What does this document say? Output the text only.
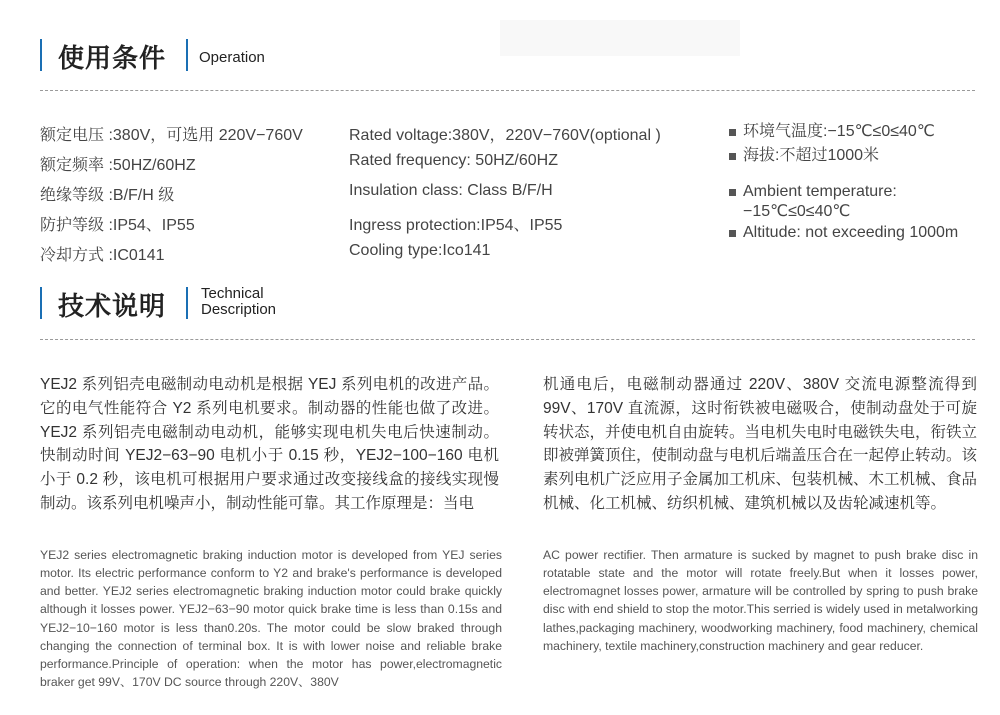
使用条件 Operation
额定电压 :380V，可选用 220V−760V
额定频率 :50HZ/60HZ
绝缘等级 :B/F/H 级
防护等级 :IP54、IP55
冷却方式 :IC0141
Rated voltage:380V，220V−760V(optional )
Rated frequency: 50HZ/60HZ
Insulation class: Class B/F/H
Ingress protection:IP54、IP55
Cooling type:Ico141
环境气温度:−15℃≤0≤40℃
海拔:不超过1000米
Ambient temperature:
−15℃≤0≤40℃
Altitude: not exceeding 1000m
技术说明 Technical
Description
YEJ2 系列铝壳电磁制动电动机是根据 YEJ 系列电机的改进产品。它的电气性能符合 Y2 系列电机要求。制动器的性能也做了改进。YEJ2 系列铝壳电磁制动电动机，能够实现电机失电后快速制动。快制动时间 YEJ2−63−90 电机小于 0.15 秒，YEJ2−100−160 电机小于 0.2 秒，该电机可根据用户要求通过改变接线盒的接线实现慢制动。该系列电机噪声小，制动性能可靠。其工作原理是：当电
机通电后，电磁制动器通过 220V、380V 交流电源整流得到 99V、170V 直流源，这时衔铁被电磁吸合，使制动盘处于可旋转状态，并使电机自由旋转。当电机失电时电磁铁失电，衔铁立即被弹簧顶住，使制动盘与电机后端盖压合在一起停止转动。该素列电机广泛应用子金属加工机床、包装机械、木工机械、食品机械、化工机械、纺织机械、建筑机械以及齿轮减速机等。
YEJ2 series electromagnetic braking induction motor is developed from YEJ series motor. Its electric performance conform to Y2 and brake's performance is developed and better. YEJ2 series electromagnetic braking induction motor could brake quickly although it losses power. YEJ2−63−90 motor quick brake time is less than 0.15s and YEJ2−10−160 motor is less than0.20s. The motor could be slow braked through changing the connection of terminal box. It is with lower noise and reliable brake performance.Principle of operation: when the motor has power,electromagnetic braker get 99V、170V DC source through 220V、380V
AC power rectifier. Then armature is sucked by magnet to push brake disc in rotatable state and the motor will rotate freely.But when it losses power, electromagnet losses power, armature will be controlled by spring to push brake disc with end shield to stop the motor.This serried is widely used in metalworking lathes,packaging machinery, woodworking machinery, food machinery, chemical machinery, textile machinery,construction machinery and gear reducer.
